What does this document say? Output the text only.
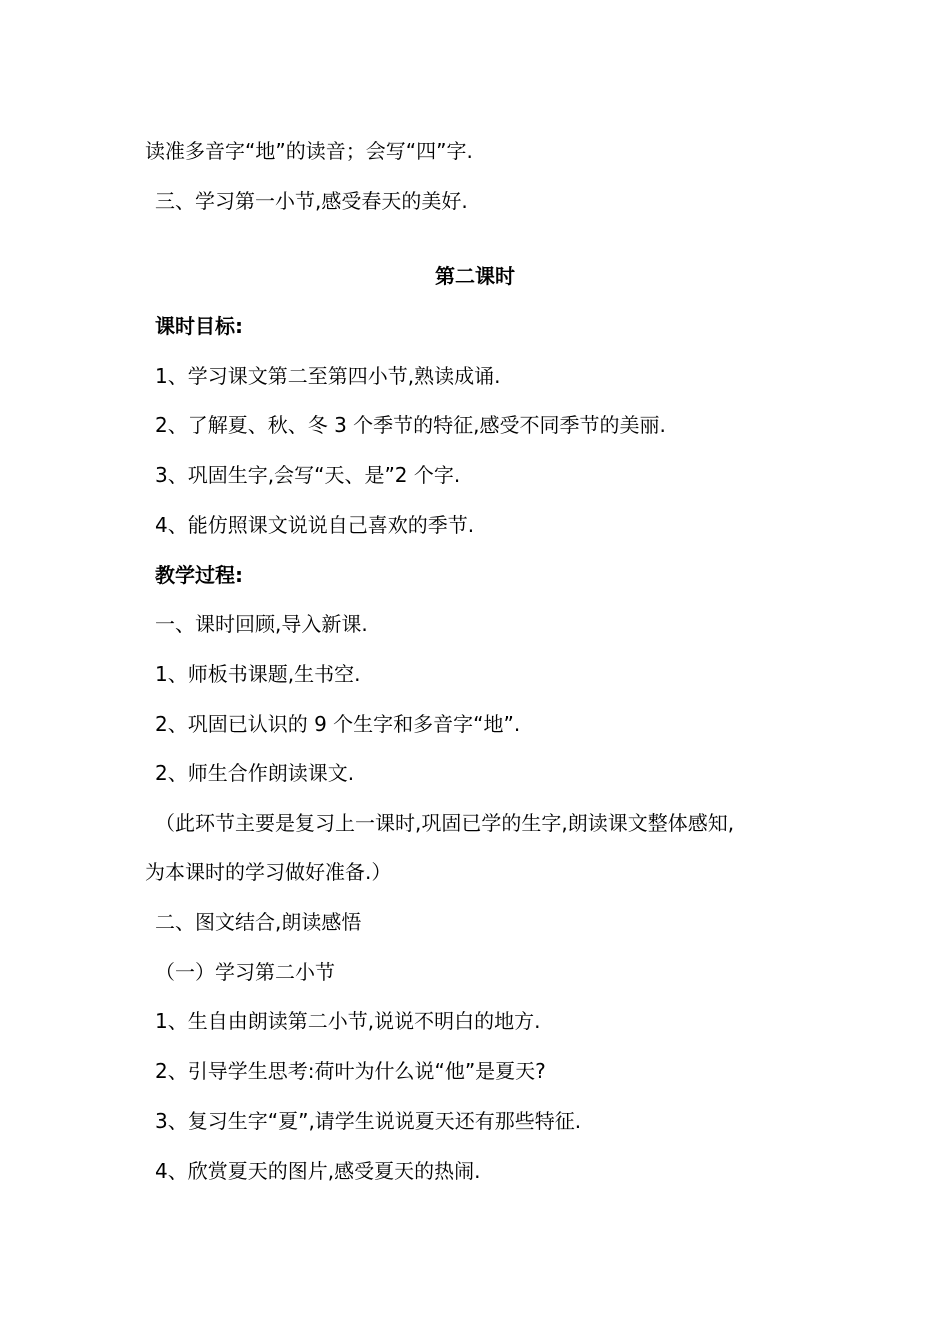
读准多音字“地”的读音；会写“四”字.
三、学习第一小节,感受春天的美好.
第二课时
课时目标:
1、学习课文第二至第四小节,熟读成诵.
2、了解夏、秋、冬 3 个季节的特征,感受不同季节的美丽.
3、巩固生字,会写“天、是”2 个字.
4、能仿照课文说说自己喜欢的季节.
教学过程:
一、课时回顾,导入新课.
1、师板书课题,生书空.
2、巩固已认识的 9 个生字和多音字“地”.
2、师生合作朗读课文.
（此环节主要是复习上一课时,巩固已学的生字,朗读课文整体感知,
为本课时的学习做好准备.）
二、图文结合,朗读感悟
（一）学习第二小节
1、生自由朗读第二小节,说说不明白的地方.
2、引导学生思考:荷叶为什么说“他”是夏天?
3、复习生字“夏”,请学生说说夏天还有那些特征.
4、欣赏夏天的图片,感受夏天的热闹.
